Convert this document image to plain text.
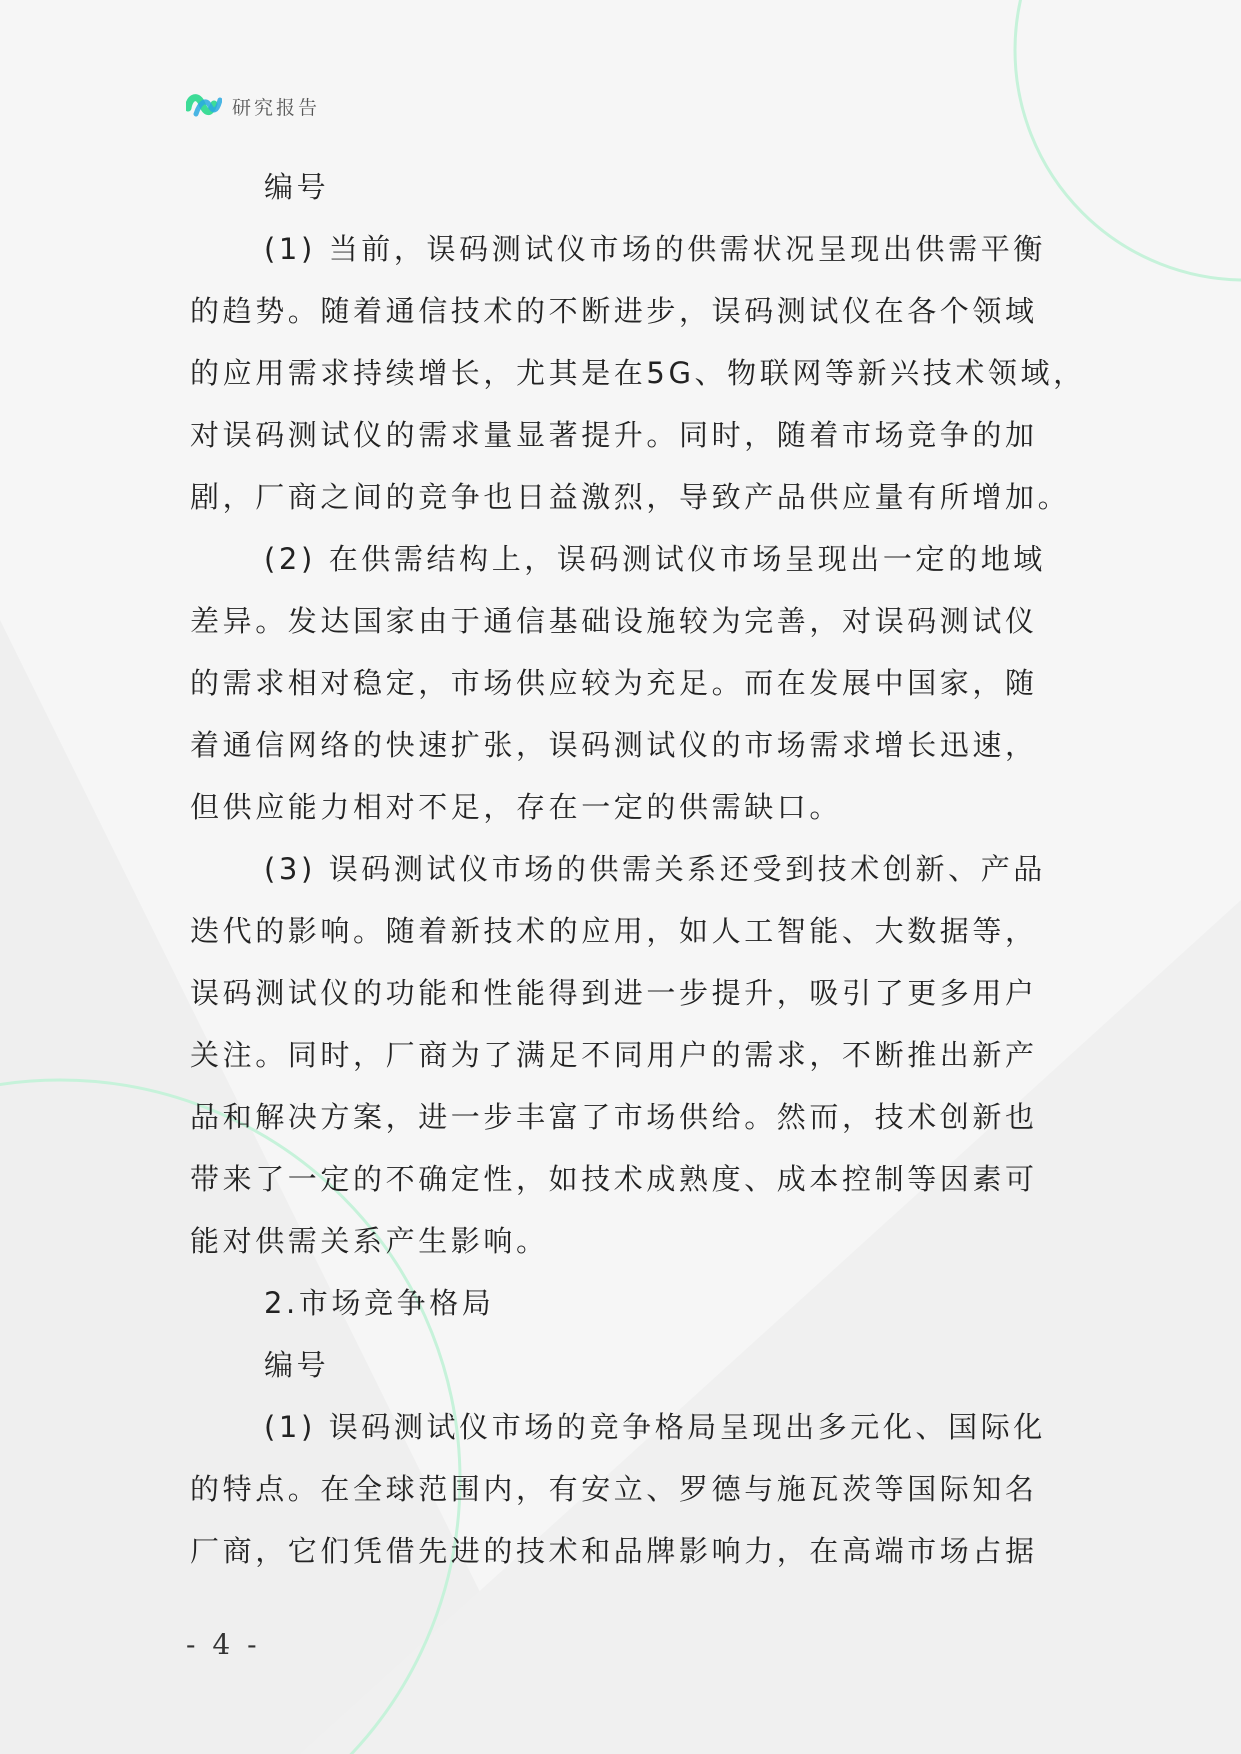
研究报告
编号
(1) 当前，误码测试仪市场的供需状况呈现出供需平衡
的趋势。随着通信技术的不断进步，误码测试仪在各个领域
的应用需求持续增长，尤其是在5G、物联网等新兴技术领域，
对误码测试仪的需求量显著提升。同时，随着市场竞争的加
剧，厂商之间的竞争也日益激烈，导致产品供应量有所增加。
(2) 在供需结构上，误码测试仪市场呈现出一定的地域
差异。发达国家由于通信基础设施较为完善，对误码测试仪
的需求相对稳定，市场供应较为充足。而在发展中国家，随
着通信网络的快速扩张，误码测试仪的市场需求增长迅速，
但供应能力相对不足，存在一定的供需缺口。
(3) 误码测试仪市场的供需关系还受到技术创新、产品
迭代的影响。随着新技术的应用，如人工智能、大数据等，
误码测试仪的功能和性能得到进一步提升，吸引了更多用户
关注。同时，厂商为了满足不同用户的需求，不断推出新产
品和解决方案，进一步丰富了市场供给。然而，技术创新也
带来了一定的不确定性，如技术成熟度、成本控制等因素可
能对供需关系产生影响。
2.市场竞争格局
编号
(1) 误码测试仪市场的竞争格局呈现出多元化、国际化
的特点。在全球范围内，有安立、罗德与施瓦茨等国际知名
厂商，它们凭借先进的技术和品牌影响力，在高端市场占据
- 4 -
